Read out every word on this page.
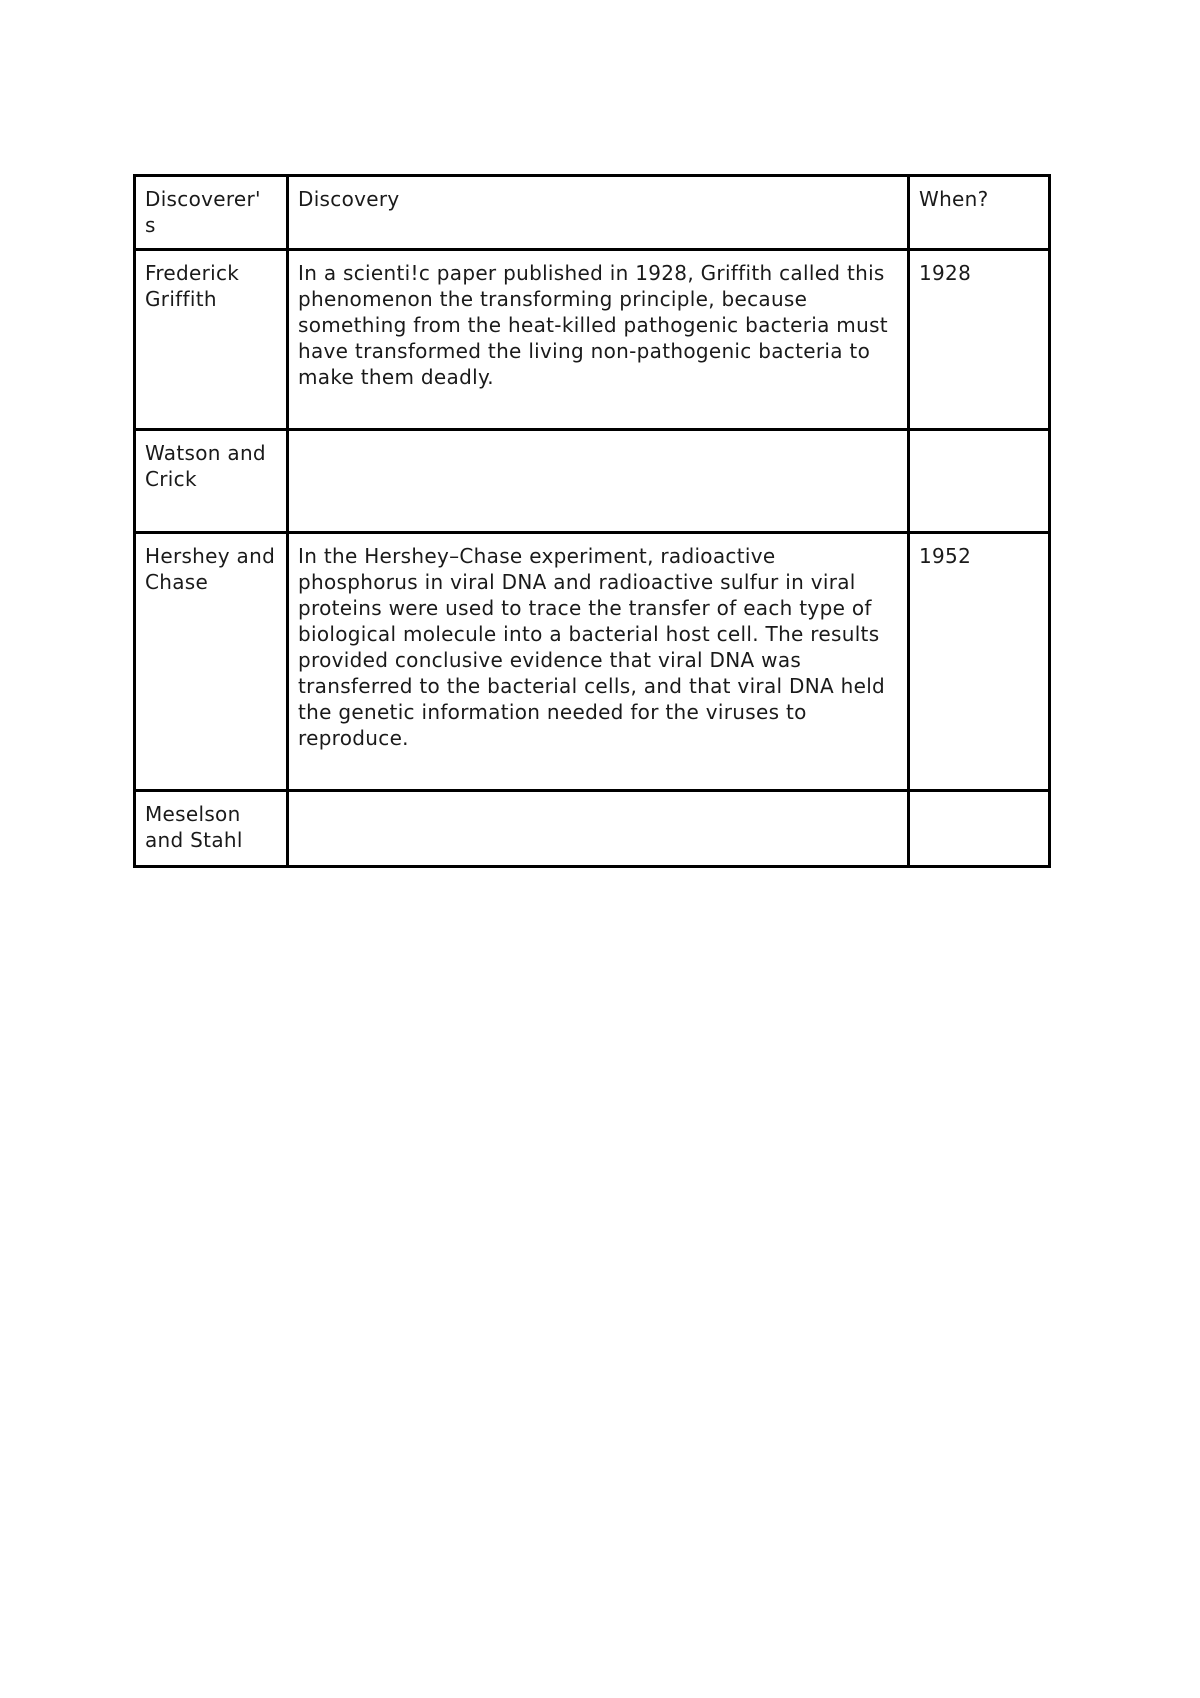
Discoverer' s	Discovery	When?

Frederick Griffith	In a scienti!c paper published in 1928, Griffith called this phenomenon the transforming principle, because something from the heat-killed pathogenic bacteria must have transformed the living non-pathogenic bacteria to make them deadly.	1928

Watson and Crick		

Hershey and Chase	In the Hershey–Chase experiment, radioactive phosphorus in viral DNA and radioactive sulfur in viral proteins were used to trace the transfer of each type of biological molecule into a bacterial host cell. The results provided conclusive evidence that viral DNA was transferred to the bacterial cells, and that viral DNA held the genetic information needed for the viruses to reproduce.	1952

Meselson and Stahl		
